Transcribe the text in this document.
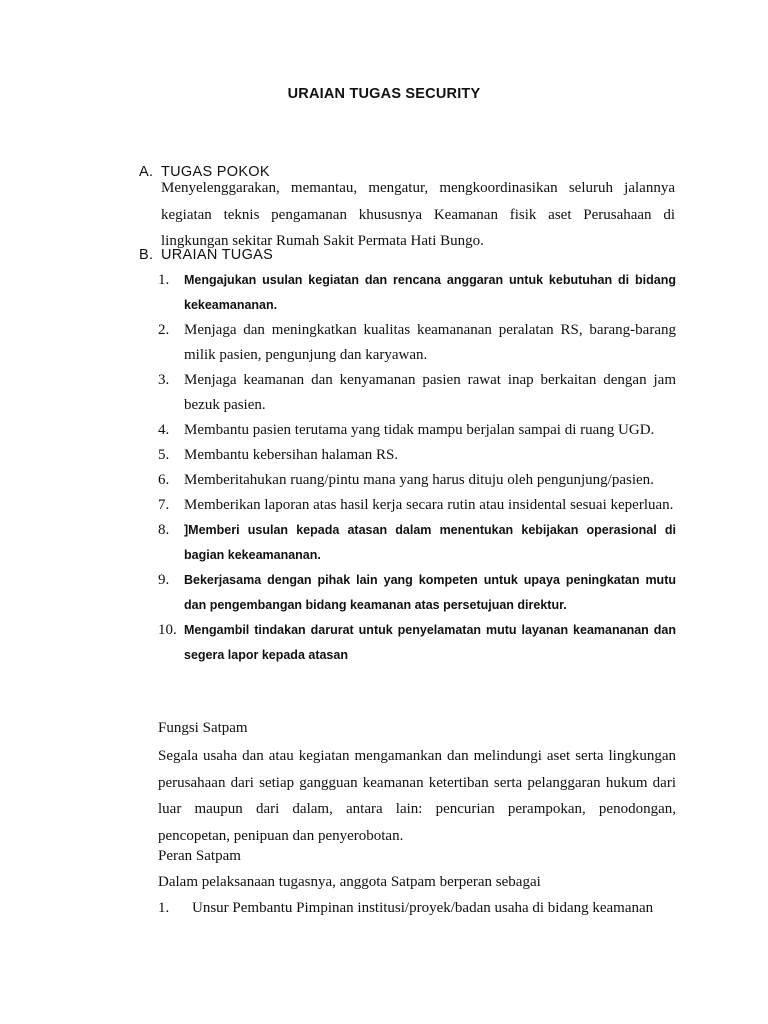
URAIAN TUGAS SECURITY
A. TUGAS POKOK
Menyelenggarakan, memantau, mengatur, mengkoordinasikan seluruh jalannya kegiatan teknis pengamanan khususnya Keamanan fisik aset Perusahaan di lingkungan sekitar Rumah Sakit Permata Hati Bungo.
B. URAIAN TUGAS
1. Mengajukan usulan kegiatan dan rencana anggaran untuk kebutuhan di bidang kekeamananan.
2. Menjaga dan meningkatkan kualitas keamananan peralatan RS, barang-barang milik pasien, pengunjung dan karyawan.
3. Menjaga keamanan dan kenyamanan pasien rawat inap berkaitan dengan jam bezuk pasien.
4. Membantu pasien terutama yang tidak mampu berjalan sampai di ruang UGD.
5. Membantu kebersihan halaman RS.
6. Memberitahukan ruang/pintu mana yang harus dituju oleh pengunjung/pasien.
7. Memberikan laporan atas hasil kerja secara rutin atau insidental sesuai keperluan.
8. ]Memberi usulan kepada atasan dalam menentukan kebijakan operasional di bagian kekeamananan.
9. Bekerjasama dengan pihak lain yang kompeten untuk upaya peningkatan mutu dan pengembangan bidang keamanan atas persetujuan direktur.
10. Mengambil tindakan darurat untuk penyelamatan mutu layanan keamananan dan segera lapor kepada atasan
Fungsi Satpam
Segala usaha dan atau kegiatan mengamankan dan melindungi aset serta lingkungan perusahaan dari setiap gangguan keamanan ketertiban serta pelanggaran hukum dari luar maupun dari dalam, antara lain: pencurian perampokan, penodongan, pencopetan, penipuan dan penyerobotan.
Peran Satpam
Dalam pelaksanaan tugasnya, anggota Satpam berperan sebagai
1. Unsur Pembantu Pimpinan institusi/proyek/badan usaha di bidang keamanan
